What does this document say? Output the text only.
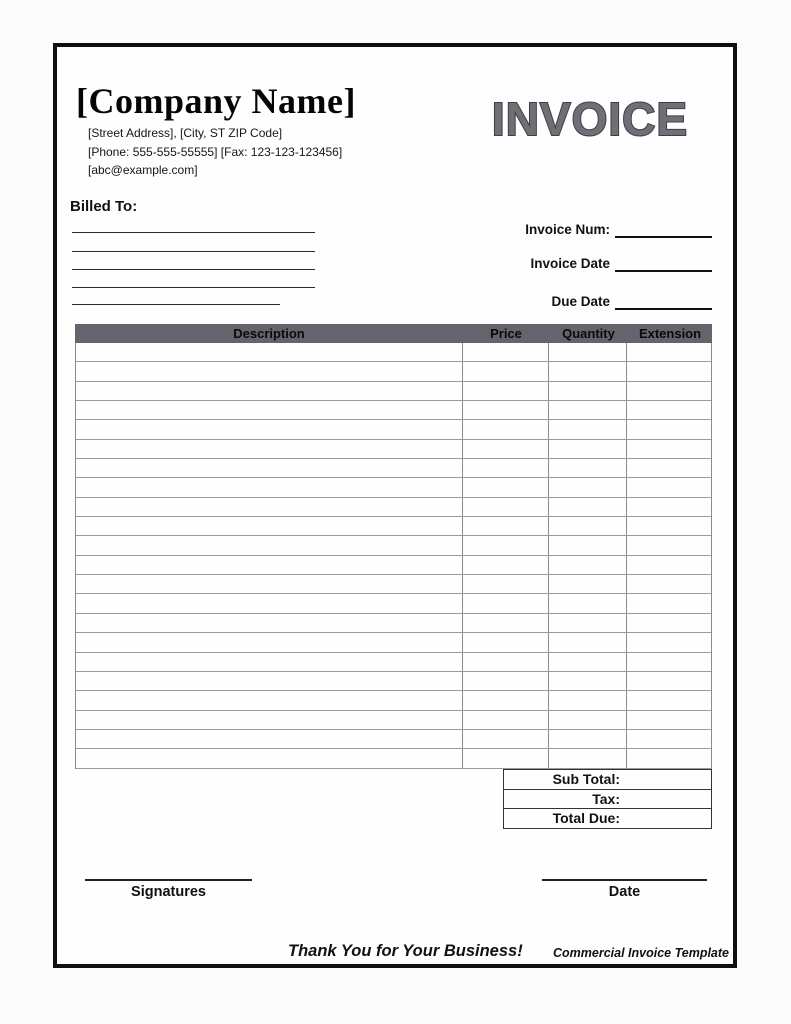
[Company Name]
[Street Address], [City, ST ZIP Code]
[Phone: 555-555-55555] [Fax: 123-123-123456]
[abc@example.com]
INVOICE
Billed To:
Invoice Num:
Invoice Date
Due Date
Description	Price	Quantity	Extension
Sub Total:
Tax:
Total Due:
Signatures	Date
Thank You for Your Business! Commercial Invoice Template
